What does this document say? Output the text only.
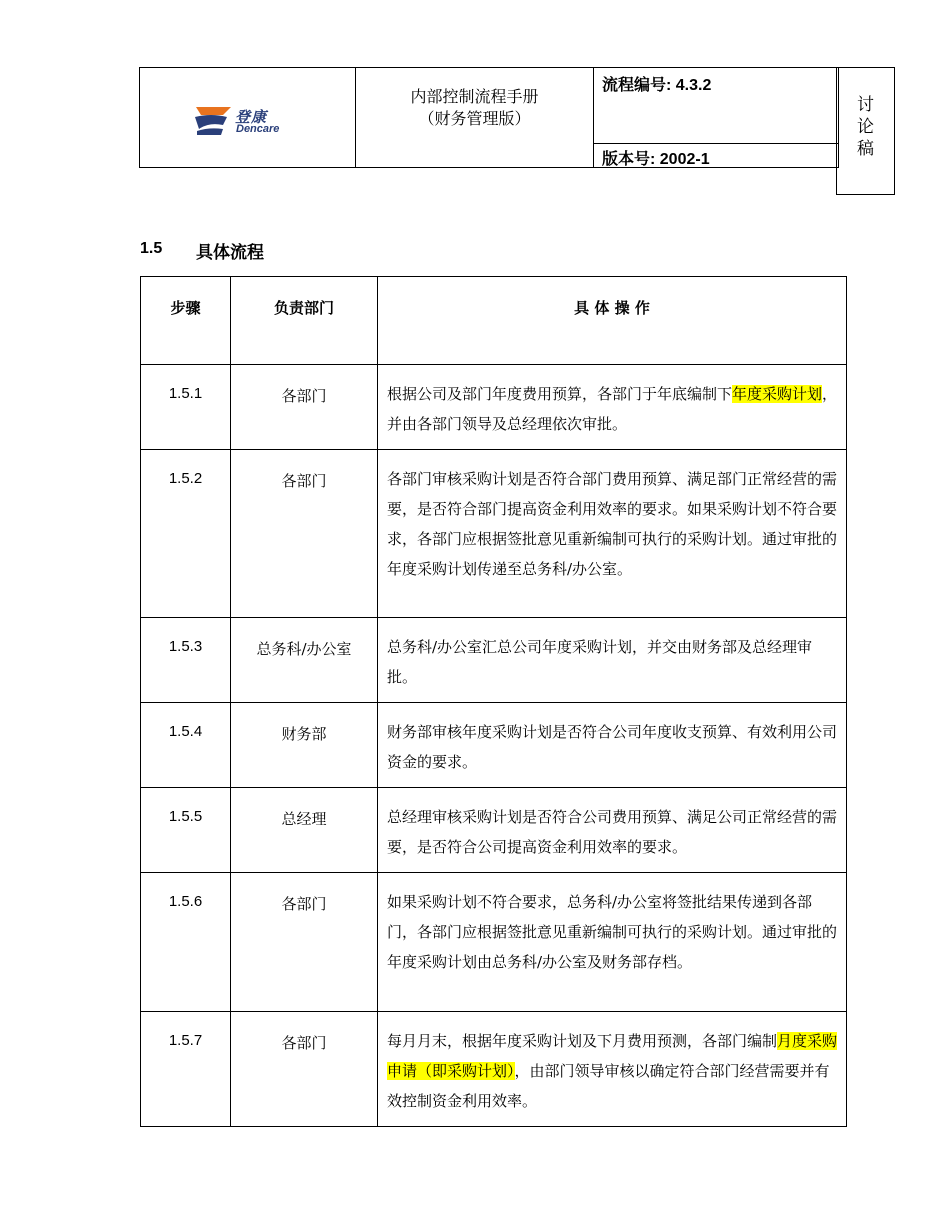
登康
Dencare
内部控制流程手册
（财务管理版）
流程编号: 4.3.2
版本号: 2002-1
讨
论
稿
1.5 具体流程
步骤	负责部门	具 体 操 作
1.5.1	各部门	根据公司及部门年度费用预算，各部门于年底编制下年度采购计划，并由各部门领导及总经理依次审批。
1.5.2	各部门	各部门审核采购计划是否符合部门费用预算、满足部门正常经营的需要，是否符合部门提高资金利用效率的要求。如果采购计划不符合要求，各部门应根据签批意见重新编制可执行的采购计划。通过审批的年度采购计划传递至总务科/办公室。
1.5.3	总务科/办公室	总务科/办公室汇总公司年度采购计划，并交由财务部及总经理审批。
1.5.4	财务部	财务部审核年度采购计划是否符合公司年度收支预算、有效利用公司资金的要求。
1.5.5	总经理	总经理审核采购计划是否符合公司费用预算、满足公司正常经营的需要，是否符合公司提高资金利用效率的要求。
1.5.6	各部门	如果采购计划不符合要求，总务科/办公室将签批结果传递到各部门，各部门应根据签批意见重新编制可执行的采购计划。通过审批的年度采购计划由总务科/办公室及财务部存档。
1.5.7	各部门	每月月末，根据年度采购计划及下月费用预测，各部门编制月度采购申请（即采购计划），由部门领导审核以确定符合部门经营需要并有效控制资金利用效率。
